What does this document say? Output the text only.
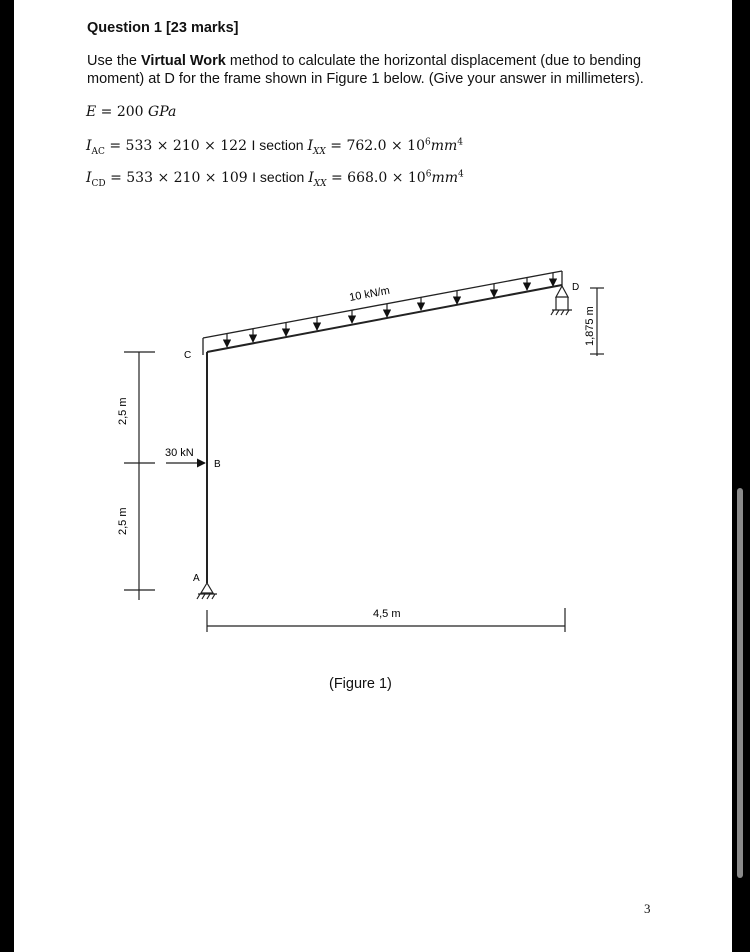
Question 1 [23 marks]
Use the Virtual Work method to calculate the horizontal displacement (due to bending moment) at D for the frame shown in Figure 1 below. (Give your answer in millimeters).
E = 200 GPa
$I_{AC} = 533 \times 210 \times 122$ I section $I_{XX} = 762.0 \times 10^6mm^4$
$I_{CD} = 533 \times 210 \times 109$ I section $I_{XX} = 668.0 \times 10^6mm^4$
10 kN/m
A
B
C
D
30 kN
2,5 m
2,5 m
1,875 m
4,5 m
(Figure 1)
3
